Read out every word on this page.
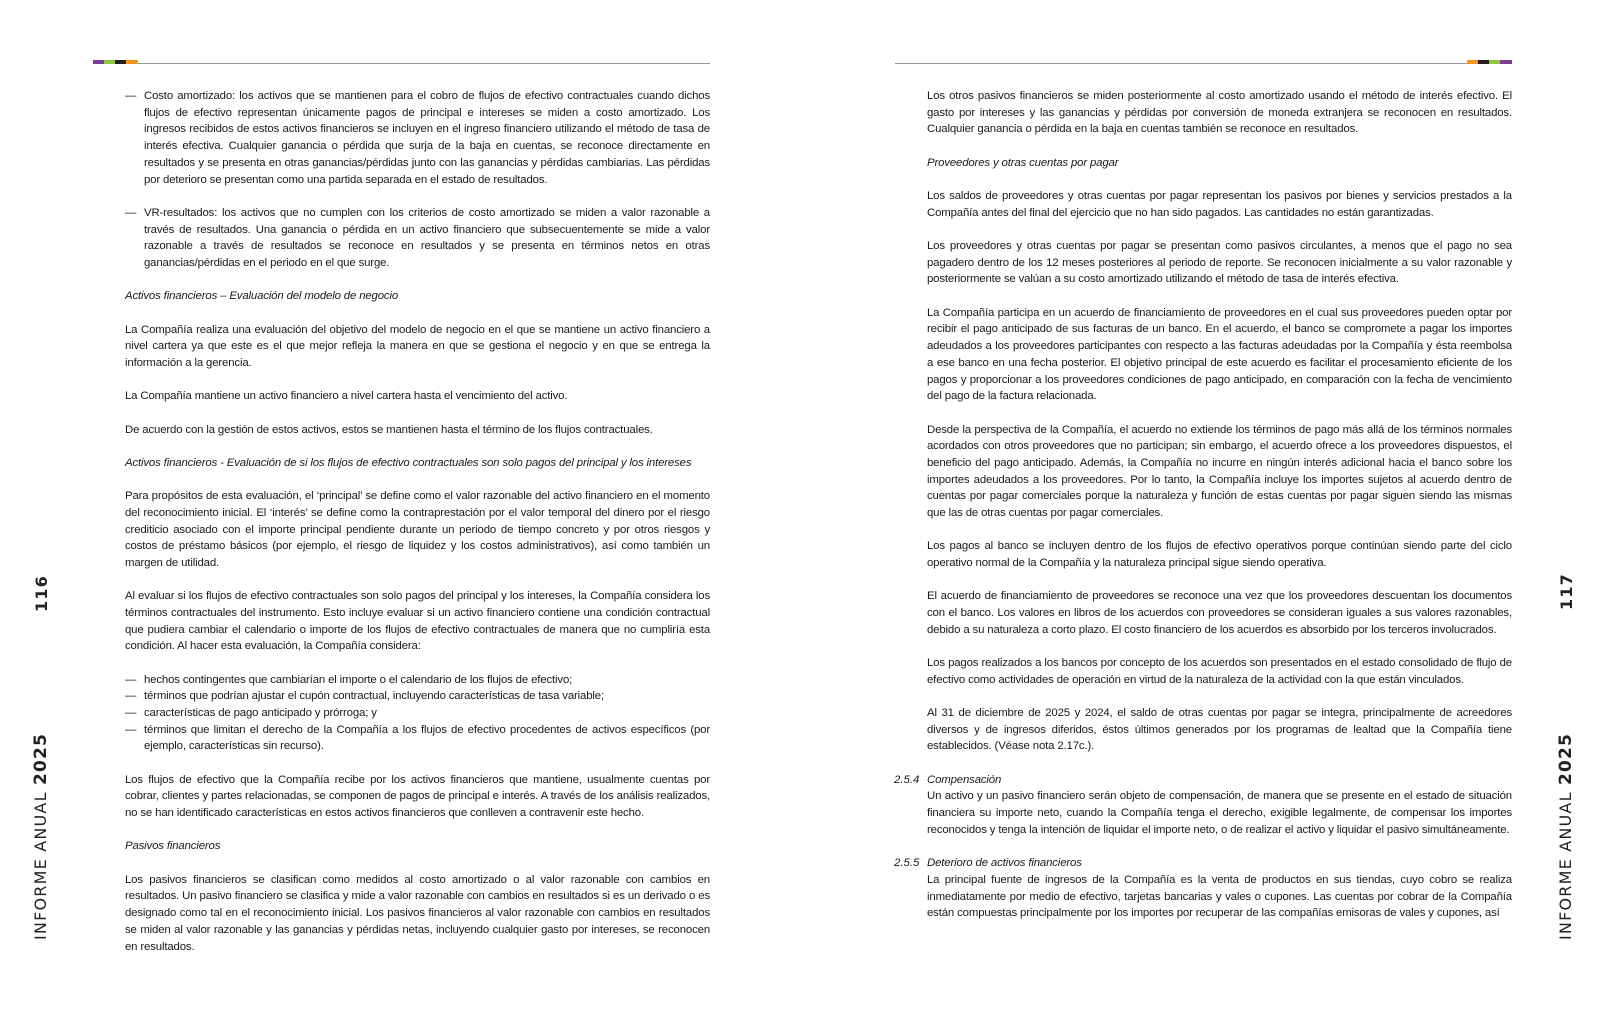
116
INFORME ANUAL 2025
117
INFORME ANUAL 2025
— Costo amortizado: los activos que se mantienen para el cobro de flujos de efectivo contractuales cuando dichos flujos de efectivo representan únicamente pagos de principal e intereses se miden a costo amortizado. Los ingresos recibidos de estos activos financieros se incluyen en el ingreso financiero utilizando el método de tasa de interés efectiva. Cualquier ganancia o pérdida que surja de la baja en cuentas, se reconoce directamente en resultados y se presenta en otras ganancias/pérdidas junto con las ganancias y pérdidas cambiarias. Las pérdidas por deterioro se presentan como una partida separada en el estado de resultados.
— VR-resultados: los activos que no cumplen con los criterios de costo amortizado se miden a valor razonable a través de resultados. Una ganancia o pérdida en un activo financiero que subsecuentemente se mide a valor razonable a través de resultados se reconoce en resultados y se presenta en términos netos en otras ganancias/pérdidas en el periodo en el que surge.
Activos financieros – Evaluación del modelo de negocio

La Compañía realiza una evaluación del objetivo del modelo de negocio en el que se mantiene un activo financiero a nivel cartera ya que este es el que mejor refleja la manera en que se gestiona el negocio y en que se entrega la información a la gerencia.

La Compañía mantiene un activo financiero a nivel cartera hasta el vencimiento del activo.

De acuerdo con la gestión de estos activos, estos se mantienen hasta el término de los flujos contractuales.

Activos financieros - Evaluación de si los flujos de efectivo contractuales son solo pagos del principal y los intereses

Para propósitos de esta evaluación, el ‘principal’ se define como el valor razonable del activo financiero en el momento del reconocimiento inicial. El ‘interés’ se define como la contraprestación por el valor temporal del dinero por el riesgo crediticio asociado con el importe principal pendiente durante un periodo de tiempo concreto y por otros riesgos y costos de préstamo básicos (por ejemplo, el riesgo de liquidez y los costos administrativos), así como también un margen de utilidad.

Al evaluar si los flujos de efectivo contractuales son solo pagos del principal y los intereses, la Compañía considera los términos contractuales del instrumento. Esto incluye evaluar si un activo financiero contiene una condición contractual que pudiera cambiar el calendario o importe de los flujos de efectivo contractuales de manera que no cumpliría esta condición. Al hacer esta evaluación, la Compañía considera:

— hechos contingentes que cambiarían el importe o el calendario de los flujos de efectivo;
— términos que podrían ajustar el cupón contractual, incluyendo características de tasa variable;
— características de pago anticipado y prórroga; y
— términos que limitan el derecho de la Compañía a los flujos de efectivo procedentes de activos específicos (por ejemplo, características sin recurso).

Los flujos de efectivo que la Compañía recibe por los activos financieros que mantiene, usualmente cuentas por cobrar, clientes y partes relacionadas, se componen de pagos de principal e interés. A través de los análisis realizados, no se han identificado características en estos activos financieros que conlleven a contravenir este hecho.

Pasivos financieros

Los pasivos financieros se clasifican como medidos al costo amortizado o al valor razonable con cambios en resultados. Un pasivo financiero se clasifica y mide a valor razonable con cambios en resultados si es un derivado o es designado como tal en el reconocimiento inicial. Los pasivos financieros al valor razonable con cambios en resultados se miden al valor razonable y las ganancias y pérdidas netas, incluyendo cualquier gasto por intereses, se reconocen en resultados.

Los otros pasivos financieros se miden posteriormente al costo amortizado usando el método de interés efectivo. El gasto por intereses y las ganancias y pérdidas por conversión de moneda extranjera se reconocen en resultados. Cualquier ganancia o pérdida en la baja en cuentas también se reconoce en resultados.

Proveedores y otras cuentas por pagar

Los saldos de proveedores y otras cuentas por pagar representan los pasivos por bienes y servicios prestados a la Compañía antes del final del ejercicio que no han sido pagados. Las cantidades no están garantizadas.

Los proveedores y otras cuentas por pagar se presentan como pasivos circulantes, a menos que el pago no sea pagadero dentro de los 12 meses posteriores al periodo de reporte. Se reconocen inicialmente a su valor razonable y posteriormente se valúan a su costo amortizado utilizando el método de tasa de interés efectiva.

La Compañía participa en un acuerdo de financiamiento de proveedores en el cual sus proveedores pueden optar por recibir el pago anticipado de sus facturas de un banco. En el acuerdo, el banco se compromete a pagar los importes adeudados a los proveedores participantes con respecto a las facturas adeudadas por la Compañía y ésta reembolsa a ese banco en una fecha posterior. El objetivo principal de este acuerdo es facilitar el procesamiento eficiente de los pagos y proporcionar a los proveedores condiciones de pago anticipado, en comparación con la fecha de vencimiento del pago de la factura relacionada.

Desde la perspectiva de la Compañía, el acuerdo no extiende los términos de pago más allá de los términos normales acordados con otros proveedores que no participan; sin embargo, el acuerdo ofrece a los proveedores dispuestos, el beneficio del pago anticipado. Además, la Compañía no incurre en ningún interés adicional hacia el banco sobre los importes adeudados a los proveedores. Por lo tanto, la Compañía incluye los importes sujetos al acuerdo dentro de cuentas por pagar comerciales porque la naturaleza y función de estas cuentas por pagar siguen siendo las mismas que las de otras cuentas por pagar comerciales.

Los pagos al banco se incluyen dentro de los flujos de efectivo operativos porque continúan siendo parte del ciclo operativo normal de la Compañía y la naturaleza principal sigue siendo operativa.

El acuerdo de financiamiento de proveedores se reconoce una vez que los proveedores descuentan los documentos con el banco. Los valores en libros de los acuerdos con proveedores se consideran iguales a sus valores razonables, debido a su naturaleza a corto plazo. El costo financiero de los acuerdos es absorbido por los terceros involucrados.

Los pagos realizados a los bancos por concepto de los acuerdos son presentados en el estado consolidado de flujo de efectivo como actividades de operación en virtud de la naturaleza de la actividad con la que están vinculados.

Al 31 de diciembre de 2025 y 2024, el saldo de otras cuentas por pagar se integra, principalmente de acreedores diversos y de ingresos diferidos, éstos últimos generados por los programas de lealtad que la Compañía tiene establecidos. (Véase nota 2.17c.).

2.5.4 Compensación

Un activo y un pasivo financiero serán objeto de compensación, de manera que se presente en el estado de situación financiera su importe neto, cuando la Compañía tenga el derecho, exigible legalmente, de compensar los importes reconocidos y tenga la intención de liquidar el importe neto, o de realizar el activo y liquidar el pasivo simultáneamente.

2.5.5 Deterioro de activos financieros

La principal fuente de ingresos de la Compañía es la venta de productos en sus tiendas, cuyo cobro se realiza inmediatamente por medio de efectivo, tarjetas bancarias y vales o cupones. Las cuentas por cobrar de la Compañía están compuestas principalmente por los importes por recuperar de las compañías emisoras de vales y cupones, así
